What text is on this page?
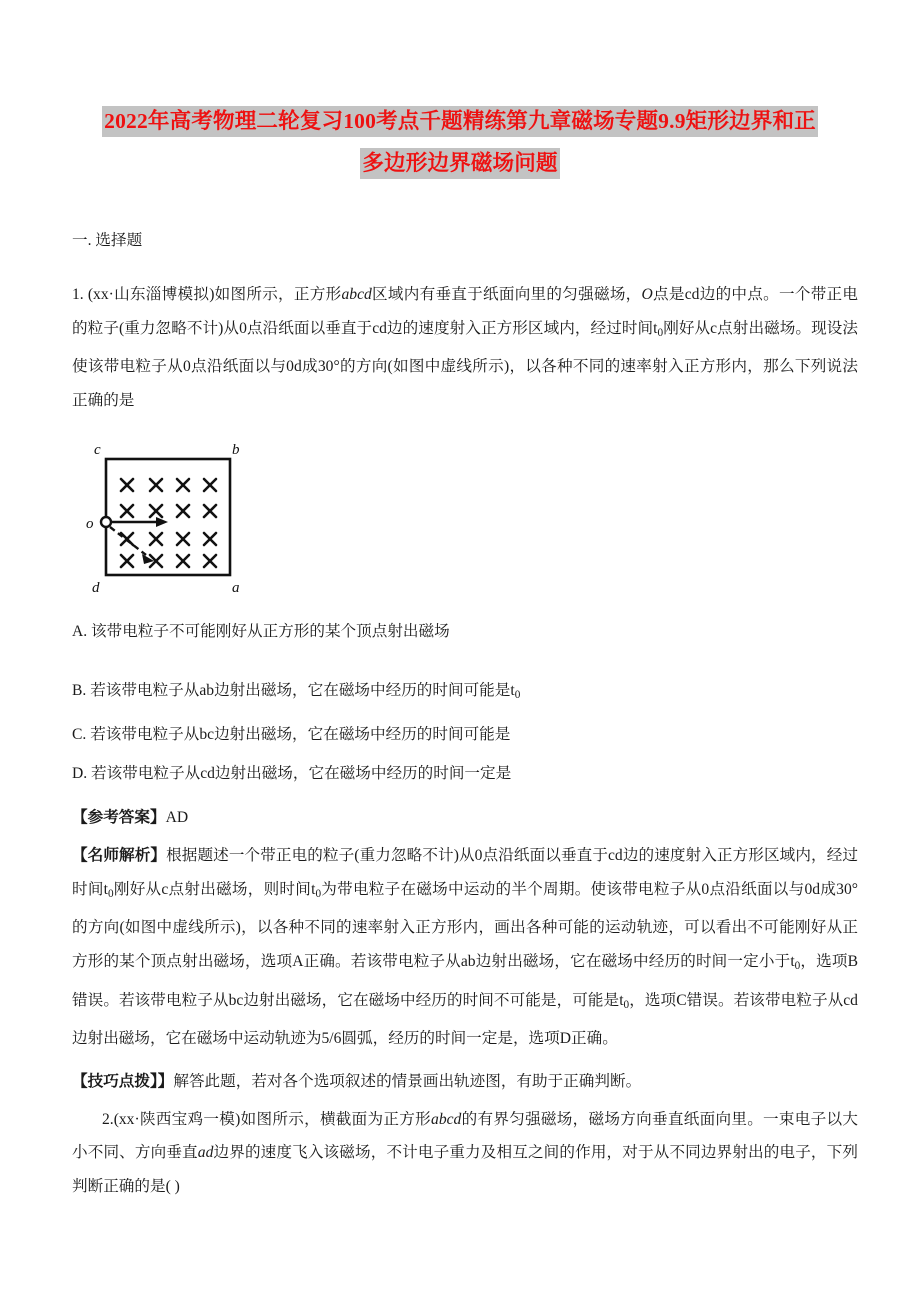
2022年高考物理二轮复习100考点千题精练第九章磁场专题9.9矩形边界和正
多边形边界磁场问题

一. 选择题

1. (xx·山东淄博模拟)如图所示，正方形abcd区域内有垂直于纸面向里的匀强磁场，O点是cd边的中点。一个带正电的粒子(重力忽略不计)从0点沿纸面以垂直于cd边的速度射入正方形区域内，经过时间$t_0$刚好从c点射出磁场。现设法使该带电粒子从0点沿纸面以与0d成30°的方向(如图中虚线所示)，以各种不同的速率射入正方形内，那么下列说法正确的是

c	b
d	a
o

A. 该带电粒子不可能刚好从正方形的某个顶点射出磁场

B. 若该带电粒子从ab边射出磁场，它在磁场中经历的时间可能是$t_0$

C. 若该带电粒子从bc边射出磁场，它在磁场中经历的时间可能是

D. 若该带电粒子从cd边射出磁场，它在磁场中经历的时间一定是

【参考答案】AD

【名师解析】根据题述一个带正电的粒子(重力忽略不计)从0点沿纸面以垂直于cd边的速度射入正方形区域内，经过时间$t_0$刚好从c点射出磁场，则时间$t_0$为带电粒子在磁场中运动的半个周期。使该带电粒子从0点沿纸面以与0d成30°的方向(如图中虚线所示)，以各种不同的速率射入正方形内，画出各种可能的运动轨迹，可以看出不可能刚好从正方形的某个顶点射出磁场，选项A正确。若该带电粒子从ab边射出磁场，它在磁场中经历的时间一定小于$t_0$，选项B错误。若该带电粒子从bc边射出磁场，它在磁场中经历的时间不可能是，可能是$t_0$，选项C错误。若该带电粒子从cd边射出磁场，它在磁场中运动轨迹为5/6圆弧，经历的时间一定是，选项D正确。

【技巧点拨】】解答此题，若对各个选项叙述的情景画出轨迹图，有助于正确判断。

2.(xx·陕西宝鸡一模)如图所示，横截面为正方形abcd的有界匀强磁场，磁场方向垂直纸面向里。一束电子以大小不同、方向垂直ad边界的速度飞入该磁场，不计电子重力及相互之间的作用，对于从不同边界射出的电子，下列判断正确的是( )
